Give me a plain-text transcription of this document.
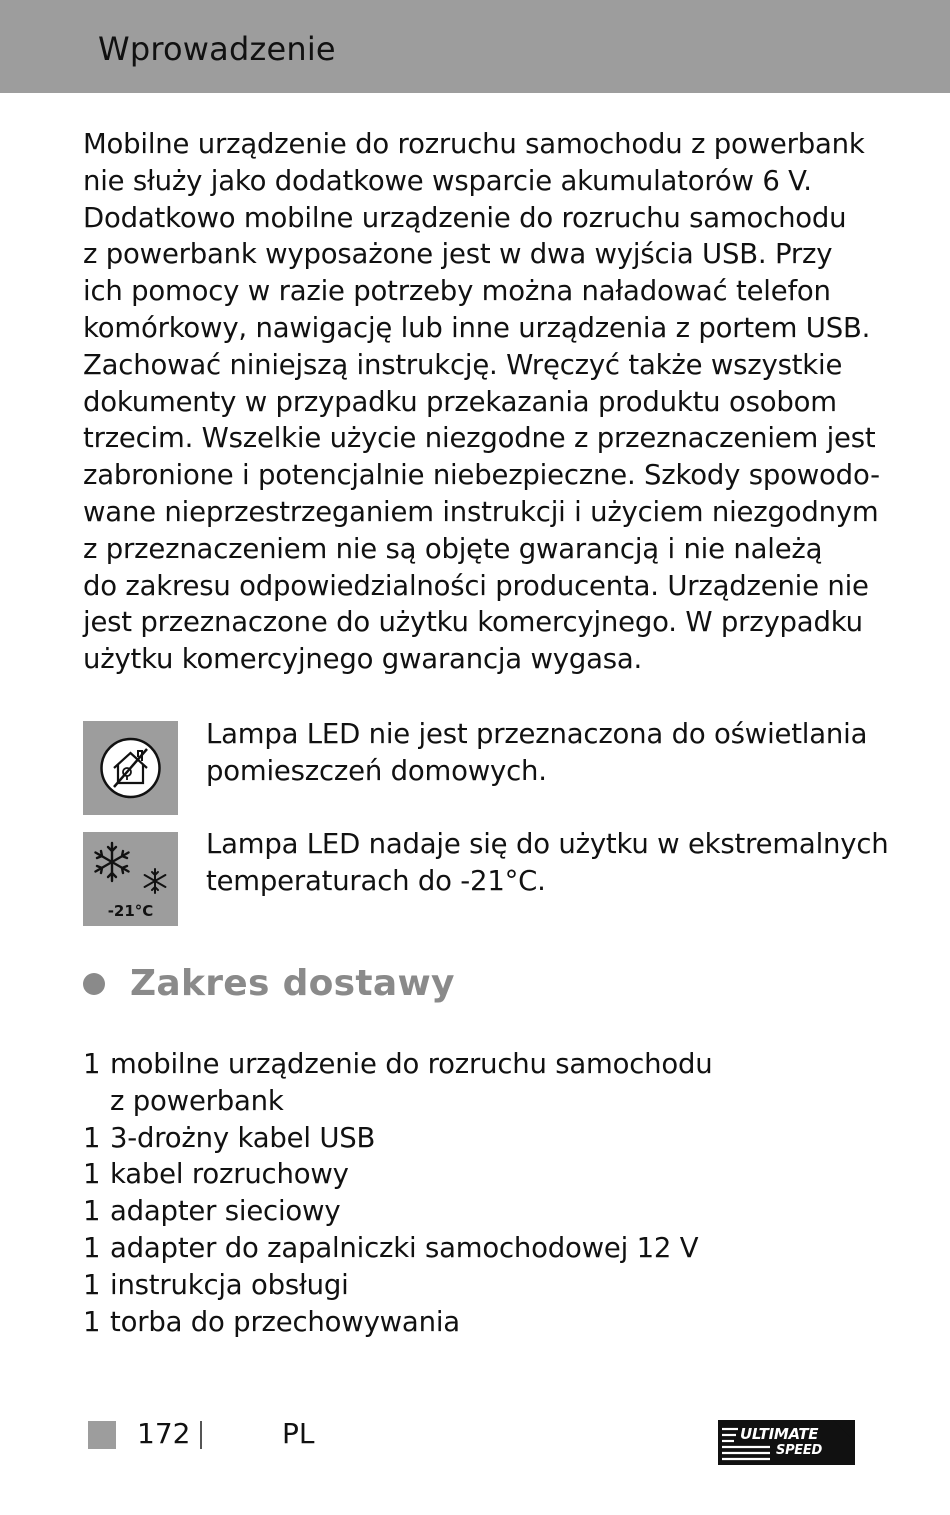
Wprowadzenie
Mobilne urządzenie do rozruchu samochodu z powerbank
nie służy jako dodatkowe wsparcie akumulatorów 6 V.
Dodatkowo mobilne urządzenie do rozruchu samochodu
z powerbank wyposażone jest w dwa wyjścia USB. Przy
ich pomocy w razie potrzeby można naładować telefon
komórkowy, nawigację lub inne urządzenia z portem USB.
Zachować niniejszą instrukcję. Wręczyć także wszystkie
dokumenty w przypadku przekazania produktu osobom
trzecim. Wszelkie użycie niezgodne z przeznaczeniem jest
zabronione i potencjalnie niebezpieczne. Szkody spowodo-
wane nieprzestrzeganiem instrukcji i użyciem niezgodnym
z przeznaczeniem nie są objęte gwarancją i nie należą
do zakresu odpowiedzialności producenta. Urządzenie nie
jest przeznaczone do użytku komercyjnego. W przypadku
użytku komercyjnego gwarancja wygasa.
Lampa LED nie jest przeznaczona do oświetlania
pomieszczeń domowych.
-21°C
Lampa LED nadaje się do użytku w ekstremalnych
temperaturach do -21°C.
Zakres dostawy
1 mobilne urządzenie do rozruchu samochodu
z powerbank
1 3-drożny kabel USB
1 kabel rozruchowy
1 adapter sieciowy
1 adapter do zapalniczki samochodowej 12 V
1 instrukcja obsługi
1 torba do przechowywania
172	PL	ULTIMATE
SPEED
